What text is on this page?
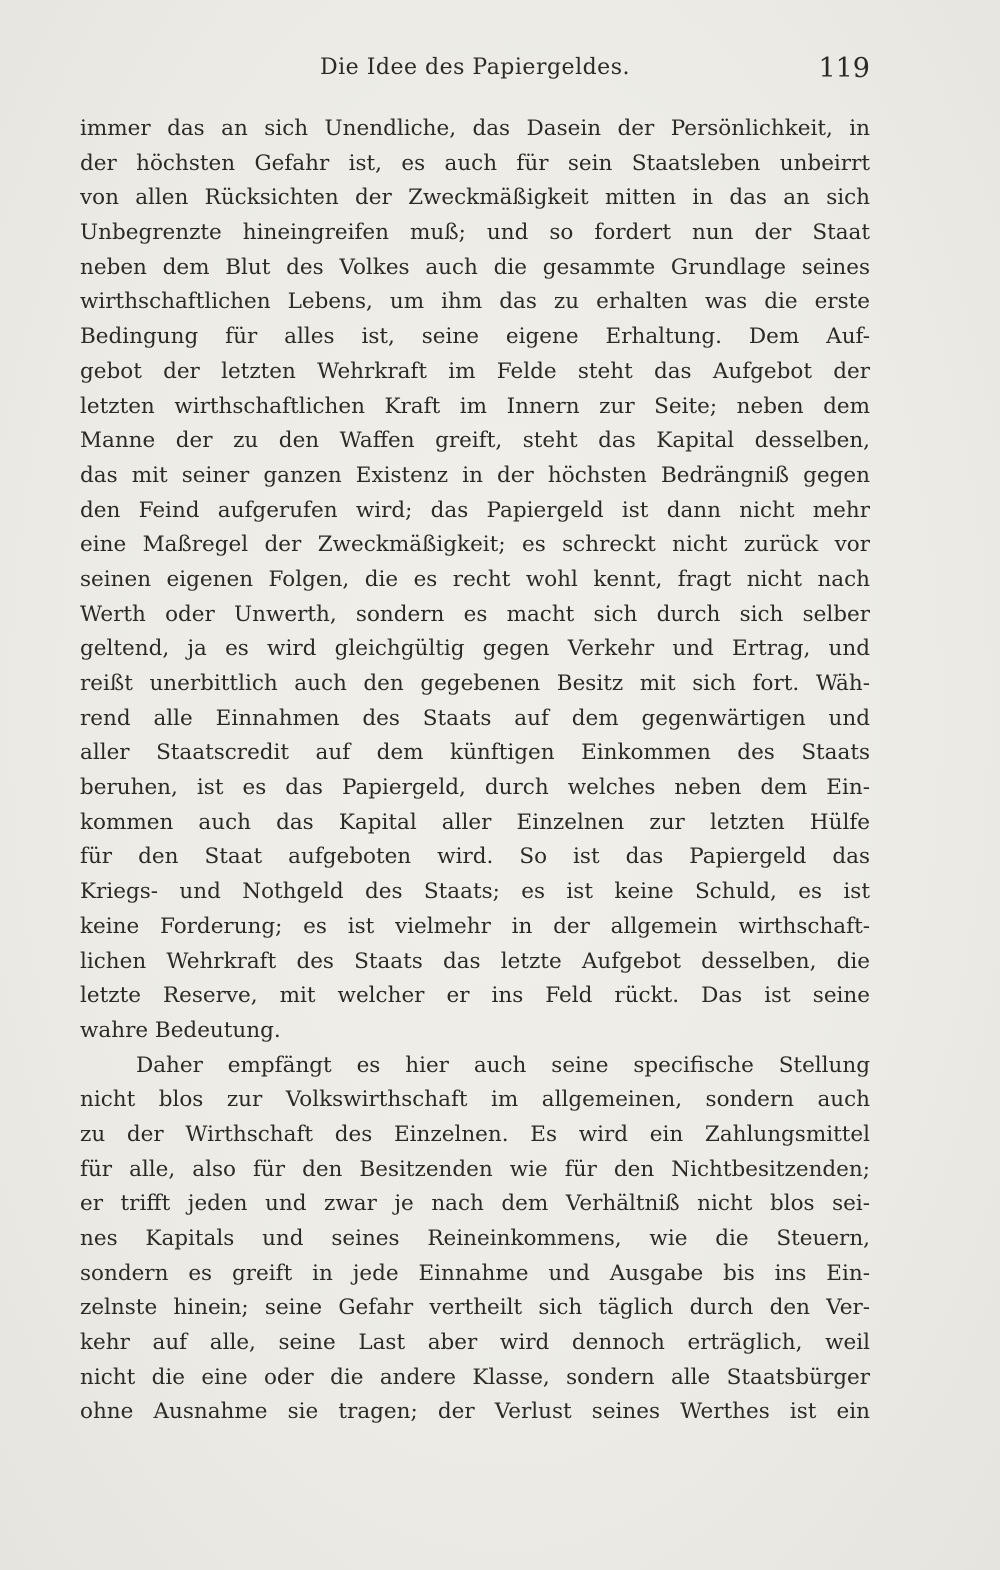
Die Idee des Papiergeldes.	119
immer das an sich Unendliche, das Dasein der Persönlichkeit, in
der höchsten Gefahr ist, es auch für sein Staatsleben unbeirrt
von allen Rücksichten der Zweckmäßigkeit mitten in das an sich
Unbegrenzte hineingreifen muß; und so fordert nun der Staat
neben dem Blut des Volkes auch die gesammte Grundlage seines
wirthschaftlichen Lebens, um ihm das zu erhalten was die erste
Bedingung für alles ist, seine eigene Erhaltung. Dem Auf-
gebot der letzten Wehrkraft im Felde steht das Aufgebot der
letzten wirthschaftlichen Kraft im Innern zur Seite; neben dem
Manne der zu den Waffen greift, steht das Kapital desselben,
das mit seiner ganzen Existenz in der höchsten Bedrängniß gegen
den Feind aufgerufen wird; das Papiergeld ist dann nicht mehr
eine Maßregel der Zweckmäßigkeit; es schreckt nicht zurück vor
seinen eigenen Folgen, die es recht wohl kennt, fragt nicht nach
Werth oder Unwerth, sondern es macht sich durch sich selber
geltend, ja es wird gleichgültig gegen Verkehr und Ertrag, und
reißt unerbittlich auch den gegebenen Besitz mit sich fort. Wäh-
rend alle Einnahmen des Staats auf dem gegenwärtigen und
aller Staatscredit auf dem künftigen Einkommen des Staats
beruhen, ist es das Papiergeld, durch welches neben dem Ein-
kommen auch das Kapital aller Einzelnen zur letzten Hülfe
für den Staat aufgeboten wird. So ist das Papiergeld das
Kriegs- und Nothgeld des Staats; es ist keine Schuld, es ist
keine Forderung; es ist vielmehr in der allgemein wirthschaft-
lichen Wehrkraft des Staats das letzte Aufgebot desselben, die
letzte Reserve, mit welcher er ins Feld rückt. Das ist seine
wahre Bedeutung.
Daher empfängt es hier auch seine specifische Stellung
nicht blos zur Volkswirthschaft im allgemeinen, sondern auch
zu der Wirthschaft des Einzelnen. Es wird ein Zahlungsmittel
für alle, also für den Besitzenden wie für den Nichtbesitzenden;
er trifft jeden und zwar je nach dem Verhältniß nicht blos sei-
nes Kapitals und seines Reineinkommens, wie die Steuern,
sondern es greift in jede Einnahme und Ausgabe bis ins Ein-
zelnste hinein; seine Gefahr vertheilt sich täglich durch den Ver-
kehr auf alle, seine Last aber wird dennoch erträglich, weil
nicht die eine oder die andere Klasse, sondern alle Staatsbürger
ohne Ausnahme sie tragen; der Verlust seines Werthes ist ein
